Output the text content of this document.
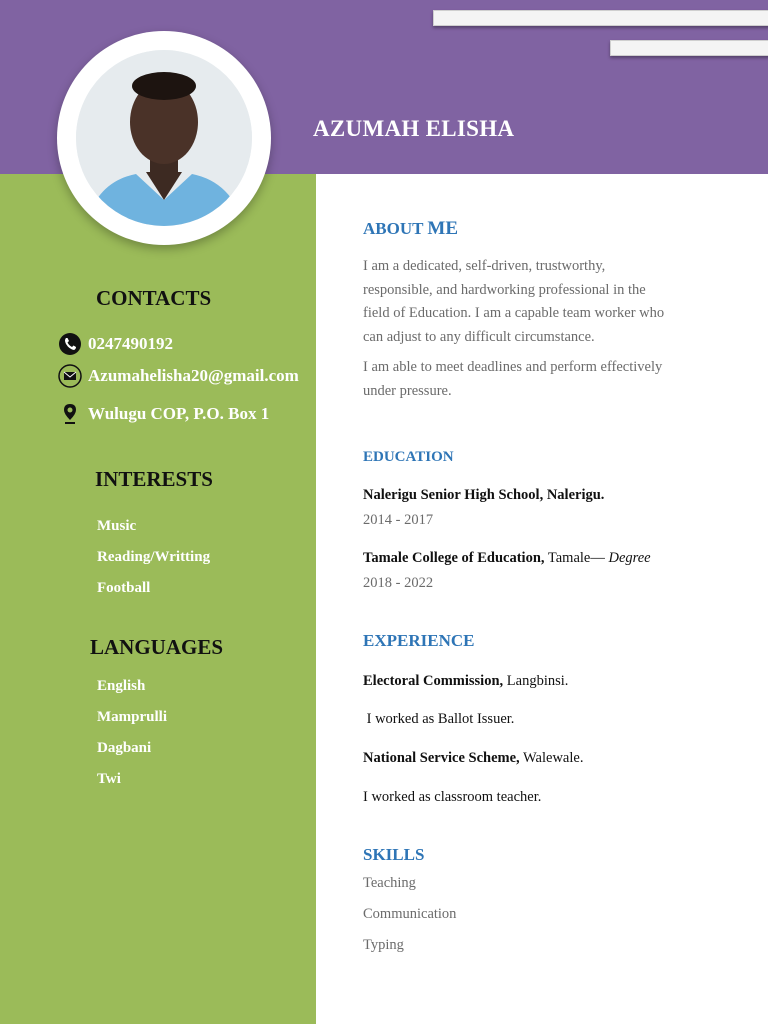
AZUMAH ELISHA
CONTACTS
0247490192
Azumahelisha20@gmail.com
Wulugu COP, P.O. Box 1
INTERESTS
Music
Reading/Writting
Football
LANGUAGES
English
Mamprulli
Dagbani
Twi
ABOUT ME
I am a dedicated, self-driven, trustworthy, responsible, and hardworking professional in the field of Education. I am a capable team worker who can adjust to any difficult circumstance.
I am able to meet deadlines and perform effectively under pressure.
EDUCATION
Nalerigu Senior High School, Nalerigu.
2014 - 2017
Tamale College of Education, Tamale— Degree
2018 - 2022
EXPERIENCE
Electoral Commission, Langbinsi.
I worked as Ballot Issuer.
National Service Scheme, Walewale.
I worked as classroom teacher.
SKILLS
Teaching
Communication
Typing
